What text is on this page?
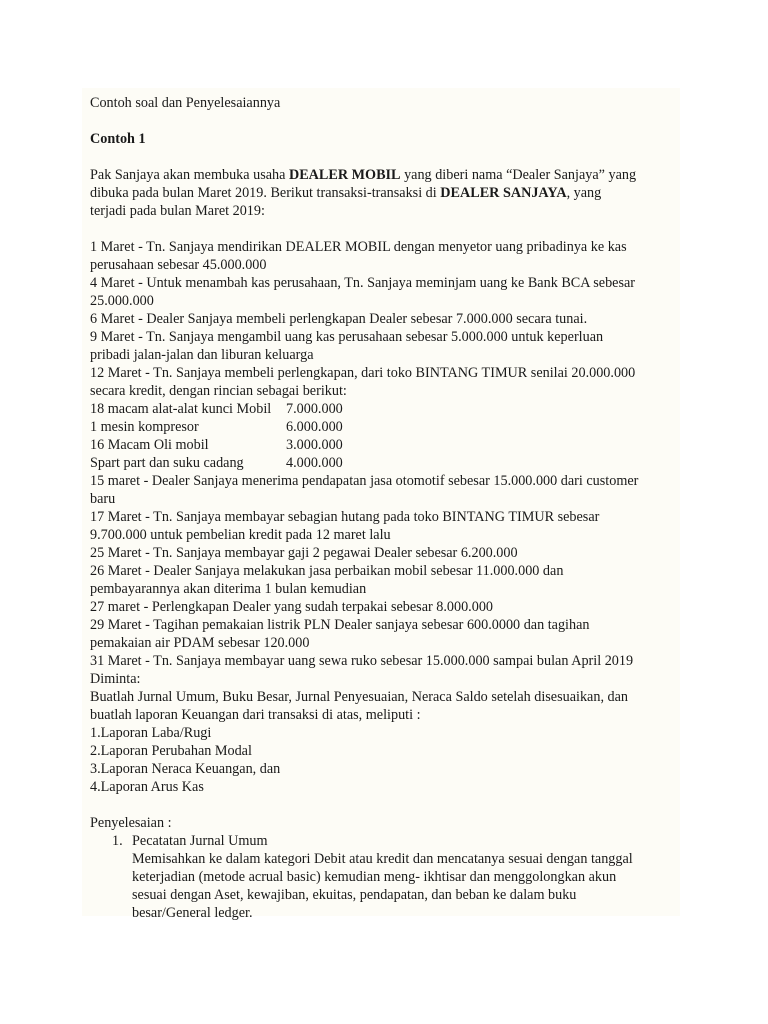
Contoh soal dan Penyelesaiannya
Contoh 1
Pak Sanjaya akan membuka usaha DEALER MOBIL yang diberi nama “Dealer Sanjaya” yang
dibuka pada bulan Maret 2019. Berikut transaksi-transaksi di DEALER SANJAYA, yang
terjadi pada bulan Maret 2019:
1 Maret - Tn. Sanjaya mendirikan DEALER MOBIL dengan menyetor uang pribadinya ke kas
perusahaan sebesar 45.000.000
4 Maret - Untuk menambah kas perusahaan, Tn. Sanjaya meminjam uang ke Bank BCA sebesar
25.000.000
6 Maret - Dealer Sanjaya membeli perlengkapan Dealer sebesar 7.000.000 secara tunai.
9 Maret - Tn. Sanjaya mengambil uang kas perusahaan sebesar 5.000.000 untuk keperluan
pribadi jalan-jalan dan liburan keluarga
12 Maret - Tn. Sanjaya membeli perlengkapan, dari toko BINTANG TIMUR senilai 20.000.000
secara kredit, dengan rincian sebagai berikut:
18 macam alat-alat kunci Mobil 7.000.000
1 mesin kompresor	6.000.000
16 Macam Oli mobil	3.000.000
Spart part dan suku cadang	4.000.000
15 maret - Dealer Sanjaya menerima pendapatan jasa otomotif sebesar 15.000.000 dari customer
baru
17 Maret - Tn. Sanjaya membayar sebagian hutang pada toko BINTANG TIMUR sebesar
9.700.000 untuk pembelian kredit pada 12 maret lalu
25 Maret - Tn. Sanjaya membayar gaji 2 pegawai Dealer sebesar 6.200.000
26 Maret - Dealer Sanjaya melakukan jasa perbaikan mobil sebesar 11.000.000 dan
pembayarannya akan diterima 1 bulan kemudian
27 maret - Perlengkapan Dealer yang sudah terpakai sebesar 8.000.000
29 Maret - Tagihan pemakaian listrik PLN Dealer sanjaya sebesar 600.0000 dan tagihan
pemakaian air PDAM sebesar 120.000
31 Maret - Tn. Sanjaya membayar uang sewa ruko sebesar 15.000.000 sampai bulan April 2019
Diminta:
Buatlah Jurnal Umum, Buku Besar, Jurnal Penyesuaian, Neraca Saldo setelah disesuaikan, dan
buatlah laporan Keuangan dari transaksi di atas, meliputi :
1.Laporan Laba/Rugi
2.Laporan Perubahan Modal
3.Laporan Neraca Keuangan, dan
4.Laporan Arus Kas
Penyelesaian :
1. Pecatatan Jurnal Umum
Memisahkan ke dalam kategori Debit atau kredit dan mencatanya sesuai dengan tanggal
keterjadian (metode acrual basic) kemudian meng- ikhtisar dan menggolongkan akun
sesuai dengan Aset, kewajiban, ekuitas, pendapatan, dan beban ke dalam buku
besar/General ledger.
